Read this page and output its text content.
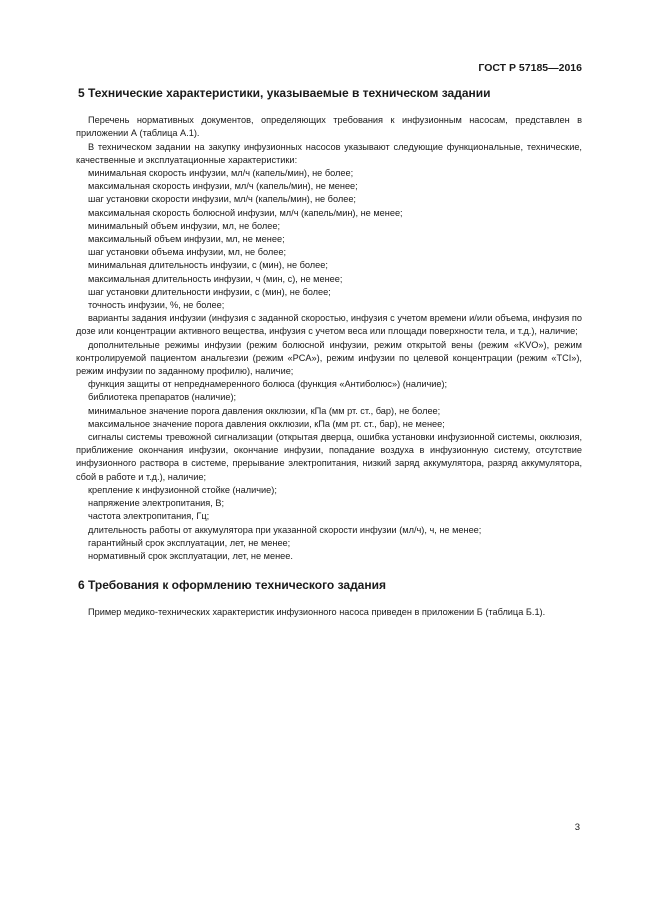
ГОСТ Р 57185—2016
5 Технические характеристики, указываемые в техническом задании

Перечень нормативных документов, определяющих требования к инфузионным насосам, представлен в приложении А (таблица А.1).

В техническом задании на закупку инфузионных насосов указывают следующие функциональные, технические, качественные и эксплуатационные характеристики:

минимальная скорость инфузии, мл/ч (капель/мин), не более;

максимальная скорость инфузии, мл/ч (капель/мин), не менее;

шаг установки скорости инфузии, мл/ч (капель/мин), не более;

максимальная скорость болюсной инфузии, мл/ч (капель/мин), не менее;

минимальный объем инфузии, мл, не более;

максимальный объем инфузии, мл, не менее;

шаг установки объема инфузии, мл, не более;

минимальная длительность инфузии, с (мин), не более;

максимальная длительность инфузии, ч (мин, с), не менее;

шаг установки длительности инфузии, с (мин), не более;

точность инфузии, %, не более;

варианты задания инфузии (инфузия с заданной скоростью, инфузия с учетом времени и/или объема, инфузия по дозе или концентрации активного вещества, инфузия с учетом веса или площади поверхности тела, и т.д.), наличие;

дополнительные режимы инфузии (режим болюсной инфузии, режим открытой вены (режим «KVO»), режим контролируемой пациентом анальгезии (режим «PCA»), режим инфузии по целевой концентрации (режим «TCI»), режим инфузии по заданному профилю), наличие;

функция защиты от непреднамеренного болюса (функция «Антиболюс») (наличие);

библиотека препаратов (наличие);

минимальное значение порога давления окклюзии, кПа (мм рт. ст., бар), не более;

максимальное значение порога давления окклюзии, кПа (мм рт. ст., бар), не менее;

сигналы системы тревожной сигнализации (открытая дверца, ошибка установки инфузионной системы, окклюзия, приближение окончания инфузии, окончание инфузии, попадание воздуха в инфузионную систему, отсутствие инфузионного раствора в системе, прерывание электропитания, низкий заряд аккумулятора, разряд аккумулятора, сбой в работе и т.д.), наличие;

крепление к инфузионной стойке (наличие);

напряжение электропитания, В;

частота электропитания, Гц;

длительность работы от аккумулятора при указанной скорости инфузии (мл/ч), ч, не менее;

гарантийный срок эксплуатации, лет, не менее;

нормативный срок эксплуатации, лет, не менее.

6 Требования к оформлению технического задания

Пример медико-технических характеристик инфузионного насоса приведен в приложении Б (таблица Б.1).

3
